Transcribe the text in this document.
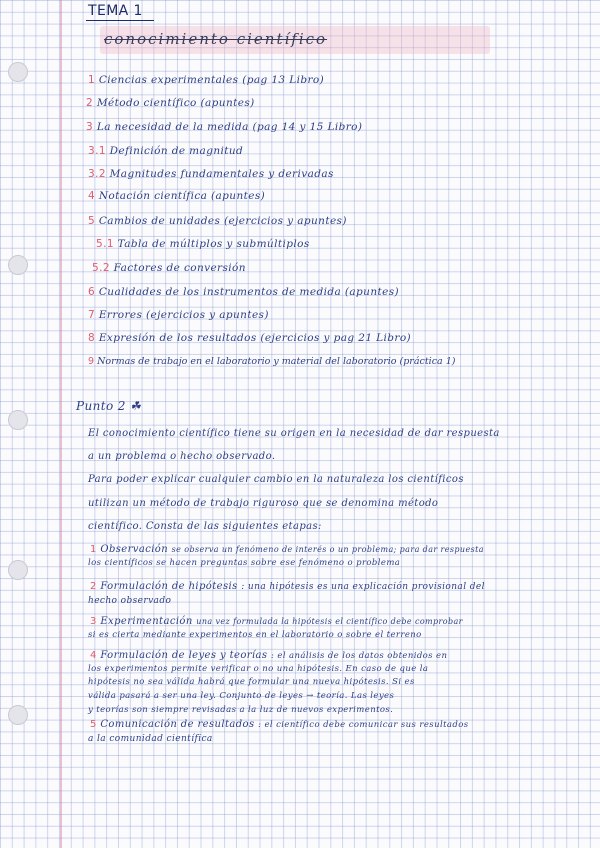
TEMA 1
conocimiento científico
1 Ciencias experimentales (pag 13 Libro)
2 Método científico (apuntes)
3 La necesidad de la medida (pag 14 y 15 Libro)
3.1 Definición de magnitud
3.2 Magnitudes fundamentales y derivadas
4 Notación científica (apuntes)
5 Cambios de unidades (ejercicios y apuntes)
5.1 Tabla de múltiplos y submúltiplos
5.2 Factores de conversión
6 Cualidades de los instrumentos de medida (apuntes)
7 Errores (ejercicios y apuntes)
8 Expresión de los resultados (ejercicios y pag 21 Libro)
9 Normas de trabajo en el laboratorio y material del laboratorio (práctica 1)
Punto 2 ☘
El conocimiento científico tiene su origen en la necesidad de dar respuesta
a un problema o hecho observado.
Para poder explicar cualquier cambio en la naturaleza los científicos
utilizan un método de trabajo riguroso que se denomina método
científico. Consta de las siguientes etapas:
1 Observación se observa un fenómeno de interés o un problema; para dar respuesta
los científicos se hacen preguntas sobre ese fenómeno o problema
2 Formulación de hipótesis : una hipótesis es una explicación provisional del
hecho observado
3 Experimentación una vez formulada la hipótesis el científico debe comprobar
si es cierta mediante experimentos en el laboratorio o sobre el terreno
4 Formulación de leyes y teorías : el análisis de los datos obtenidos en
los experimentos permite verificar o no una hipótesis. En caso de que la
hipótesis no sea válida habrá que formular una nueva hipótesis. Si es
válida pasará a ser una ley. Conjunto de leyes → teoría. Las leyes
y teorías son siempre revisadas a la luz de nuevos experimentos.
5 Comunicación de resultados : el científico debe comunicar sus resultados
a la comunidad científica
